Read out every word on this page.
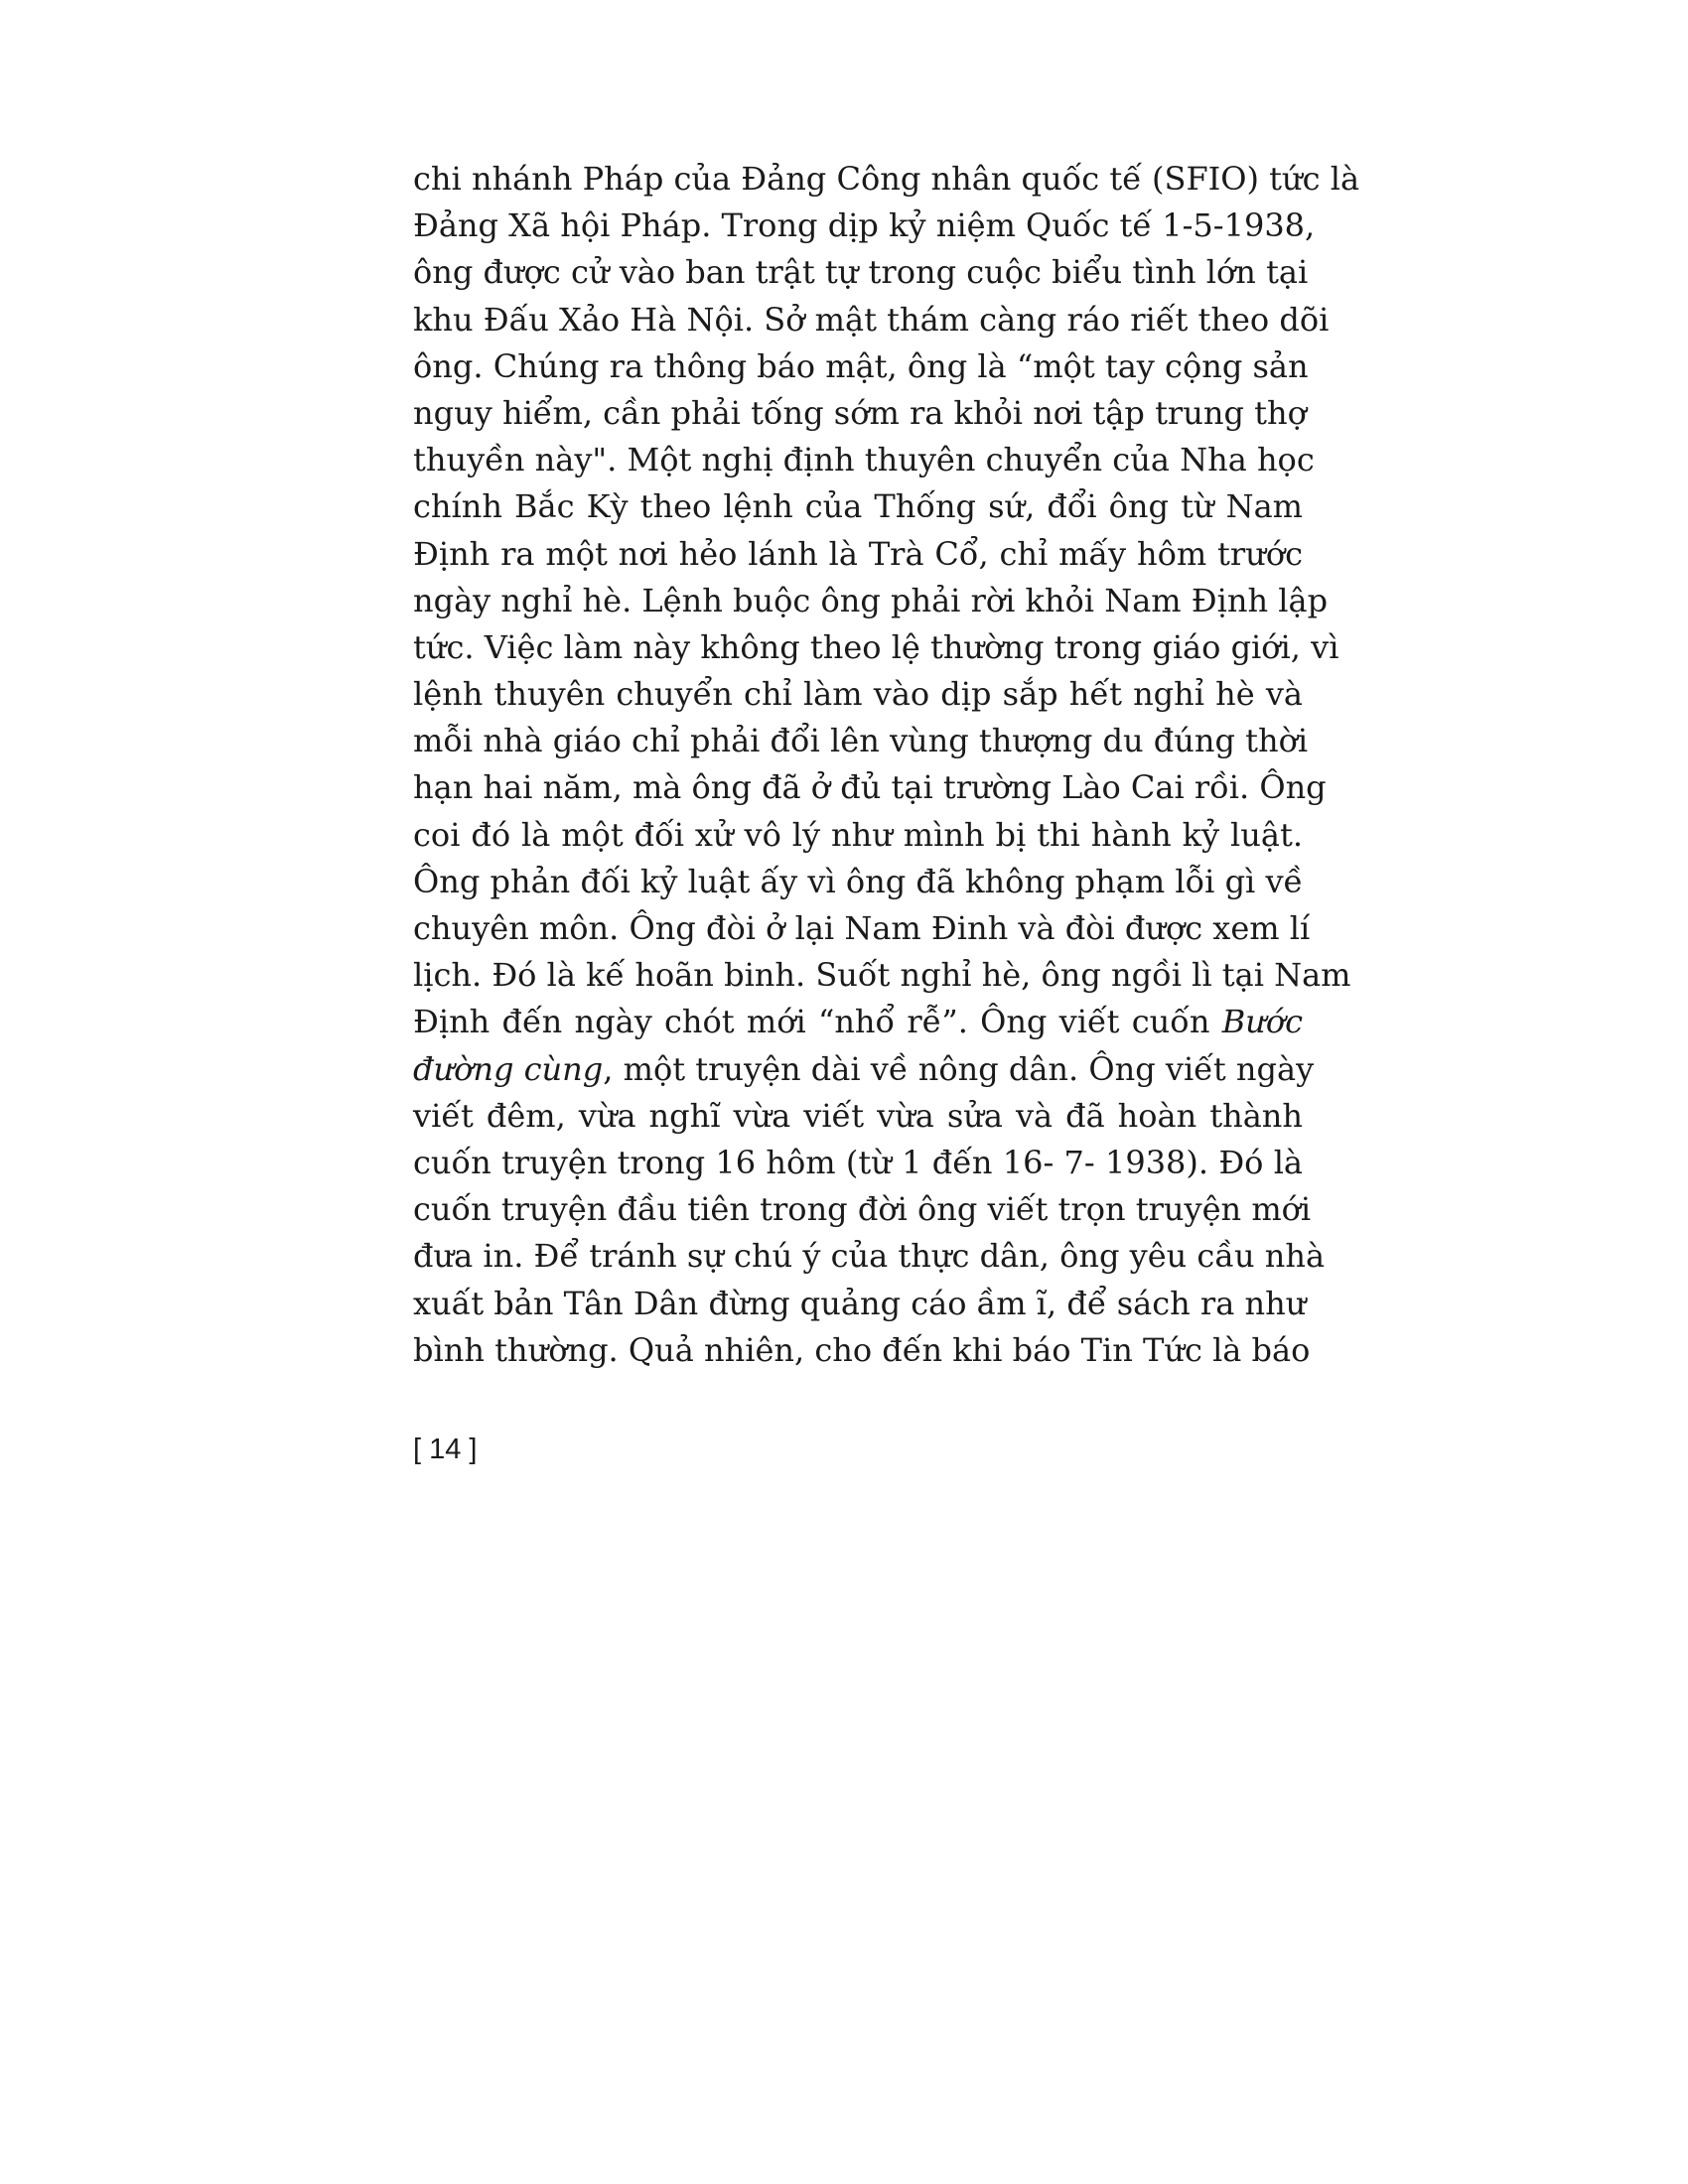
chi nhánh Pháp của Đảng Công nhân quốc tế (SFIO) tức là
Đảng Xã hội Pháp. Trong dịp kỷ niệm Quốc tế 1-5-1938,
ông được cử vào ban trật tự trong cuộc biểu tình lớn tại
khu Đấu Xảo Hà Nội. Sở mật thám càng ráo riết theo dõi
ông. Chúng ra thông báo mật, ông là “một tay cộng sản
nguy hiểm, cần phải tống sớm ra khỏi nơi tập trung thợ
thuyền này". Một nghị định thuyên chuyển của Nha học
chính Bắc Kỳ theo lệnh của Thống sứ, đổi ông từ Nam
Định ra một nơi hẻo lánh là Trà Cổ, chỉ mấy hôm trước
ngày nghỉ hè. Lệnh buộc ông phải rời khỏi Nam Định lập
tức. Việc làm này không theo lệ thường trong giáo giới, vì
lệnh thuyên chuyển chỉ làm vào dịp sắp hết nghỉ hè và
mỗi nhà giáo chỉ phải đổi lên vùng thượng du đúng thời
hạn hai năm, mà ông đã ở đủ tại trường Lào Cai rồi. Ông
coi đó là một đối xử vô lý như mình bị thi hành kỷ luật.
Ông phản đối kỷ luật ấy vì ông đã không phạm lỗi gì về
chuyên môn. Ông đòi ở lại Nam Đinh và đòi được xem lí
lịch. Đó là kế hoãn binh. Suốt nghỉ hè, ông ngồi lì tại Nam
Định đến ngày chót mới “nhổ rễ”. Ông viết cuốn Bước
đường cùng, một truyện dài về nông dân. Ông viết ngày
viết đêm, vừa nghĩ vừa viết vừa sửa và đã hoàn thành
cuốn truyện trong 16 hôm (từ 1 đến 16- 7- 1938). Đó là
cuốn truyện đầu tiên trong đời ông viết trọn truyện mới
đưa in. Để tránh sự chú ý của thực dân, ông yêu cầu nhà
xuất bản Tân Dân đừng quảng cáo ầm ĩ, để sách ra như
bình thường. Quả nhiên, cho đến khi báo Tin Tức là báo
[ 14 ]
